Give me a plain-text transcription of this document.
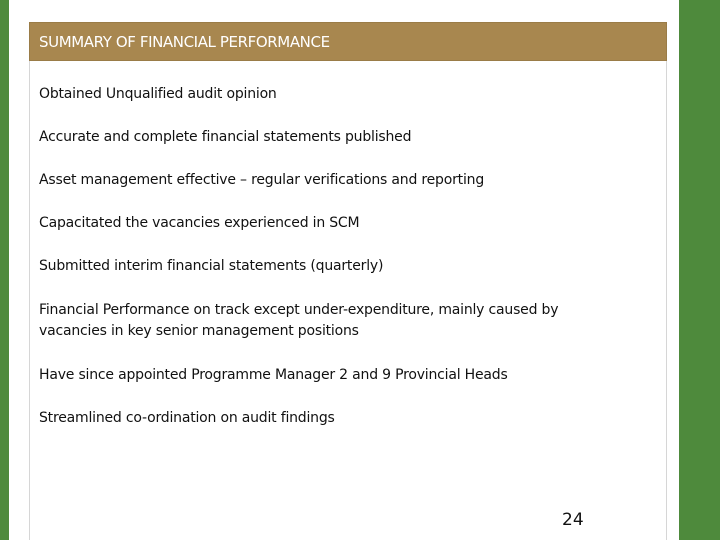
SUMMARY OF FINANCIAL PERFORMANCE
Obtained Unqualified audit opinion
Accurate and complete financial statements published
Asset management effective – regular verifications and reporting
Capacitated the vacancies experienced in SCM
Submitted interim financial statements (quarterly)
Financial Performance on track except under-expenditure, mainly caused by
vacancies in key senior management positions
Have since appointed Programme Manager 2 and 9 Provincial Heads
Streamlined co-ordination on audit findings
24
